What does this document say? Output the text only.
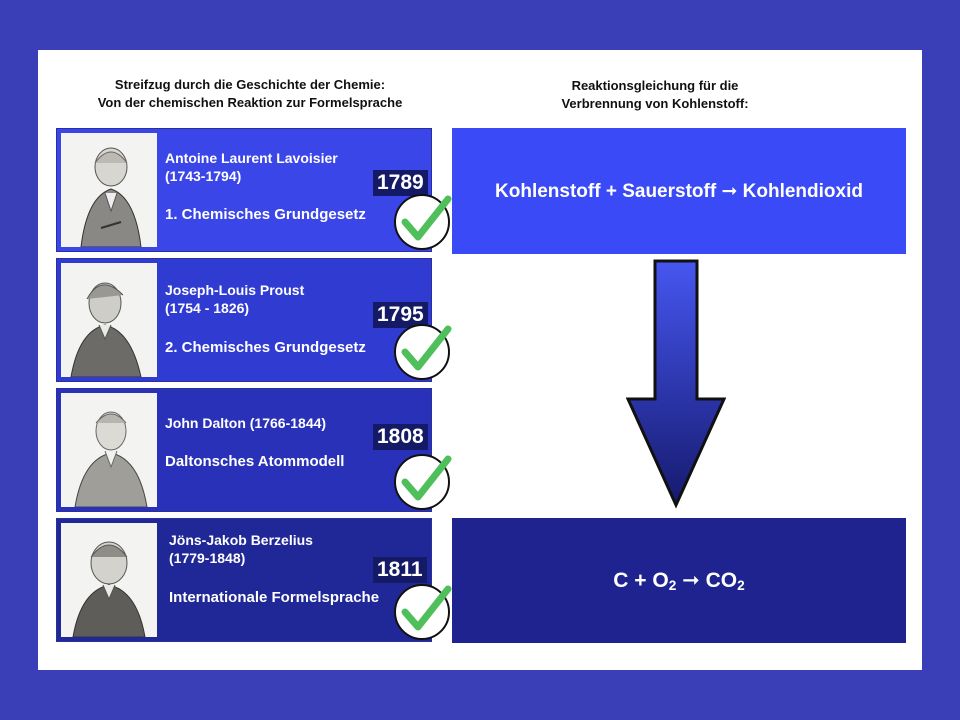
Streifzug durch die Geschichte der Chemie:
Von der chemischen Reaktion zur Formelsprache
Reaktionsgleichung für die
Verbrennung von Kohlenstoff:
Antoine Laurent Lavoisier
(1743-1794)
1. Chemisches Grundgesetz
1789
Joseph-Louis Proust
(1754 - 1826)
2. Chemisches Grundgesetz
1795
John Dalton (1766-1844)
Daltonsches Atommodell
1808
Jöns-Jakob Berzelius
(1779-1848)
Internationale Formelsprache
1811
Kohlenstoff + Sauerstoff ➞ Kohlendioxid
$C + O_2$ ➞ $CO_2$
